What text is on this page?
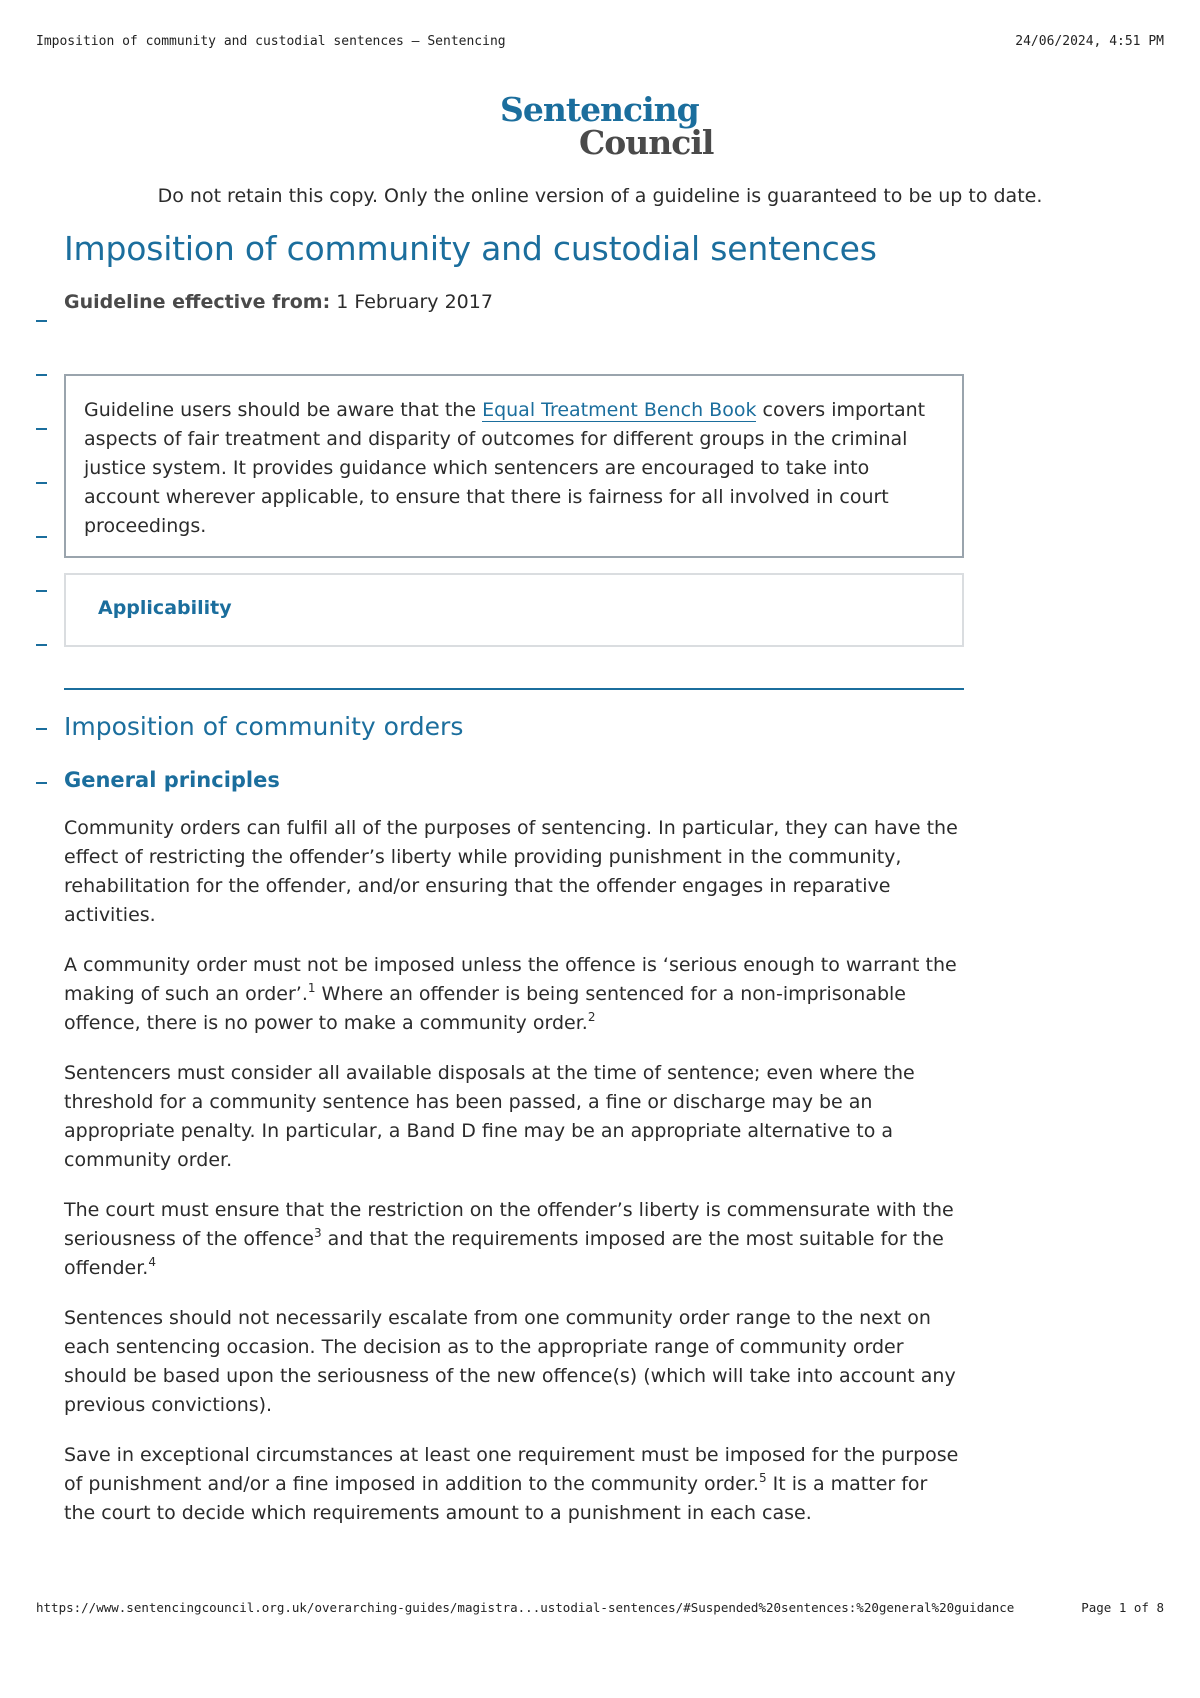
Imposition of community and custodial sentences – Sentencing	24/06/2024, 4:51 PM
Sentencing
Council
Do not retain this copy. Only the online version of a guideline is guaranteed to be up to date.
Imposition of community and custodial sentences
Guideline effective from: 1 February 2017
Guideline users should be aware that the Equal Treatment Bench Book covers important aspects of fair treatment and disparity of outcomes for different groups in the criminal justice system. It provides guidance which sentencers are encouraged to take into account wherever applicable, to ensure that there is fairness for all involved in court proceedings.
Applicability
Imposition of community orders
General principles

Community orders can fulfil all of the purposes of sentencing. In particular, they can have the effect of restricting the offender’s liberty while providing punishment in the community, rehabilitation for the offender, and/or ensuring that the offender engages in reparative activities.

A community order must not be imposed unless the offence is ‘serious enough to warrant the making of such an order’.$^1$ Where an offender is being sentenced for a non-imprisonable offence, there is no power to make a community order.$^2$

Sentencers must consider all available disposals at the time of sentence; even where the threshold for a community sentence has been passed, a fine or discharge may be an appropriate penalty. In particular, a Band D fine may be an appropriate alternative to a community order.

The court must ensure that the restriction on the offender’s liberty is commensurate with the seriousness of the offence$^3$ and that the requirements imposed are the most suitable for the offender.$^4$

Sentences should not necessarily escalate from one community order range to the next on each sentencing occasion. The decision as to the appropriate range of community order should be based upon the seriousness of the new offence(s) (which will take into account any previous convictions).

Save in exceptional circumstances at least one requirement must be imposed for the purpose of punishment and/or a fine imposed in addition to the community order.$^5$ It is a matter for the court to decide which requirements amount to a punishment in each case.

https://www.sentencingcouncil.org.uk/overarching-guides/magistra...ustodial-sentences/#Suspended%20sentences:%20general%20guidance	Page 1 of 8
